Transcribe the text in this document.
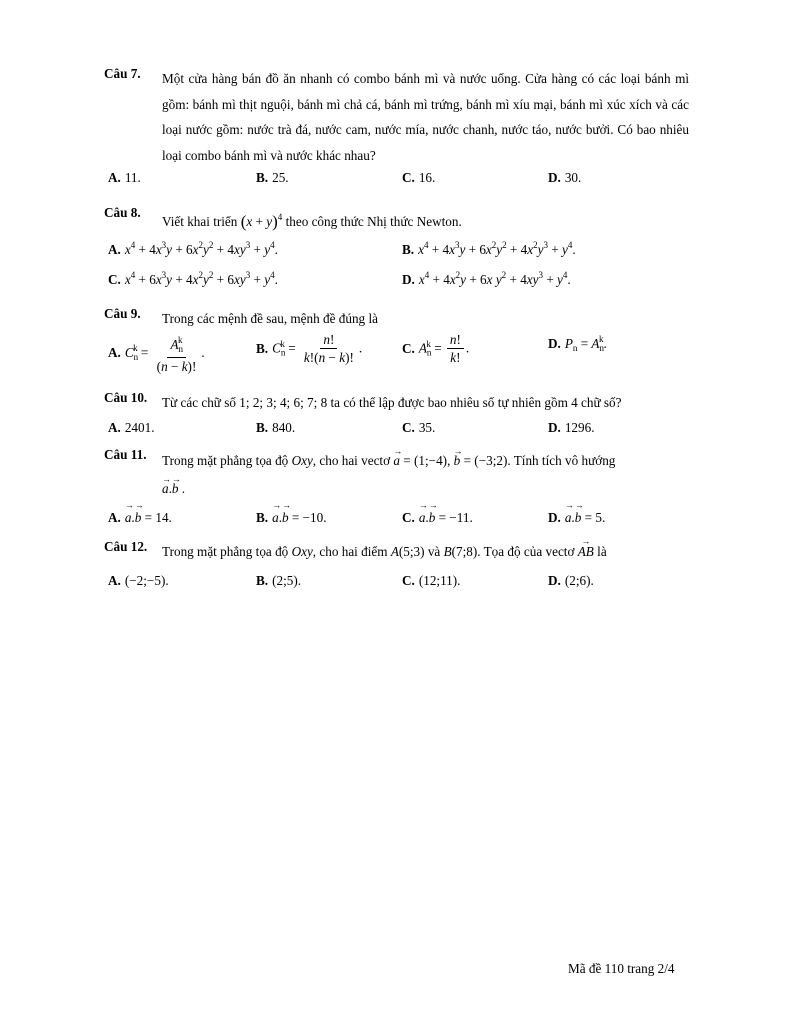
Câu 7.	Một cửa hàng bán đồ ăn nhanh có combo bánh mì và nước uống. Cửa hàng có các loại bánh mì gồm: bánh mì thịt nguội, bánh mì chả cá, bánh mì trứng, bánh mì xíu mại, bánh mì xúc xích và các loại nước gồm: nước trà đá, nước cam, nước mía, nước chanh, nước táo, nước bưởi. Có bao nhiêu loại combo bánh mì và nước khác nhau?
A. 11.	B. 25.	C. 16.	D. 30.
Câu 8.
Viết khai triển $(x + y)^4$ theo công thức Nhị thức Newton.
A. $x^4 + 4x^3y + 6x^2y^2 + 4xy^3 + y^4$.	B. $x^4 + 4x^3y + 6x^2y^2 + 4x^2y^3 + y^4$.
C. $x^4 + 6x^3y + 4x^2y^2 + 6xy^3 + y^4$.	D. $x^4 + 4x^2y + 6x$ $y^2 + 4xy^3 + y^4$.
Câu 9.	Trong các mệnh đề sau, mệnh đề đúng là
A. $C_n^k = \frac{A_n^k}{(n - k)!}$ .	B. $C_n^k = \frac{n!}{k!(n - k)!}$ .	C. $A_n^k = \frac{n!}{k!}$ .	D. $P_n = A_n^k$.
Câu 10.	Từ các chữ số 1; 2; 3; 4; 6; 7; 8 ta có thể lập được bao nhiêu số tự nhiên gồm 4 chữ số?
A. 2401.	B. 840.	C. 35.	D. 1296.
Câu 11.	Trong mặt phẳng tọa độ Oxy, cho hai vectơ → a = (1;−4), → b = (−3;2). Tính tích vô hướng
→ a.→ b .
A. → a.→ b = 14.	B. → a.→ b = −10.	C. → a.→ b = −11.	D. → a.→ b = 5.
Câu 12.	Trong mặt phẳng tọa độ Oxy, cho hai điểm A(5;3) và B(7;8). Tọa độ của vectơ → AB là
A. (−2;−5).	B. (2;5).	C. (12;11).	D. (2;6).
Mã đề 110 trang 2/4
